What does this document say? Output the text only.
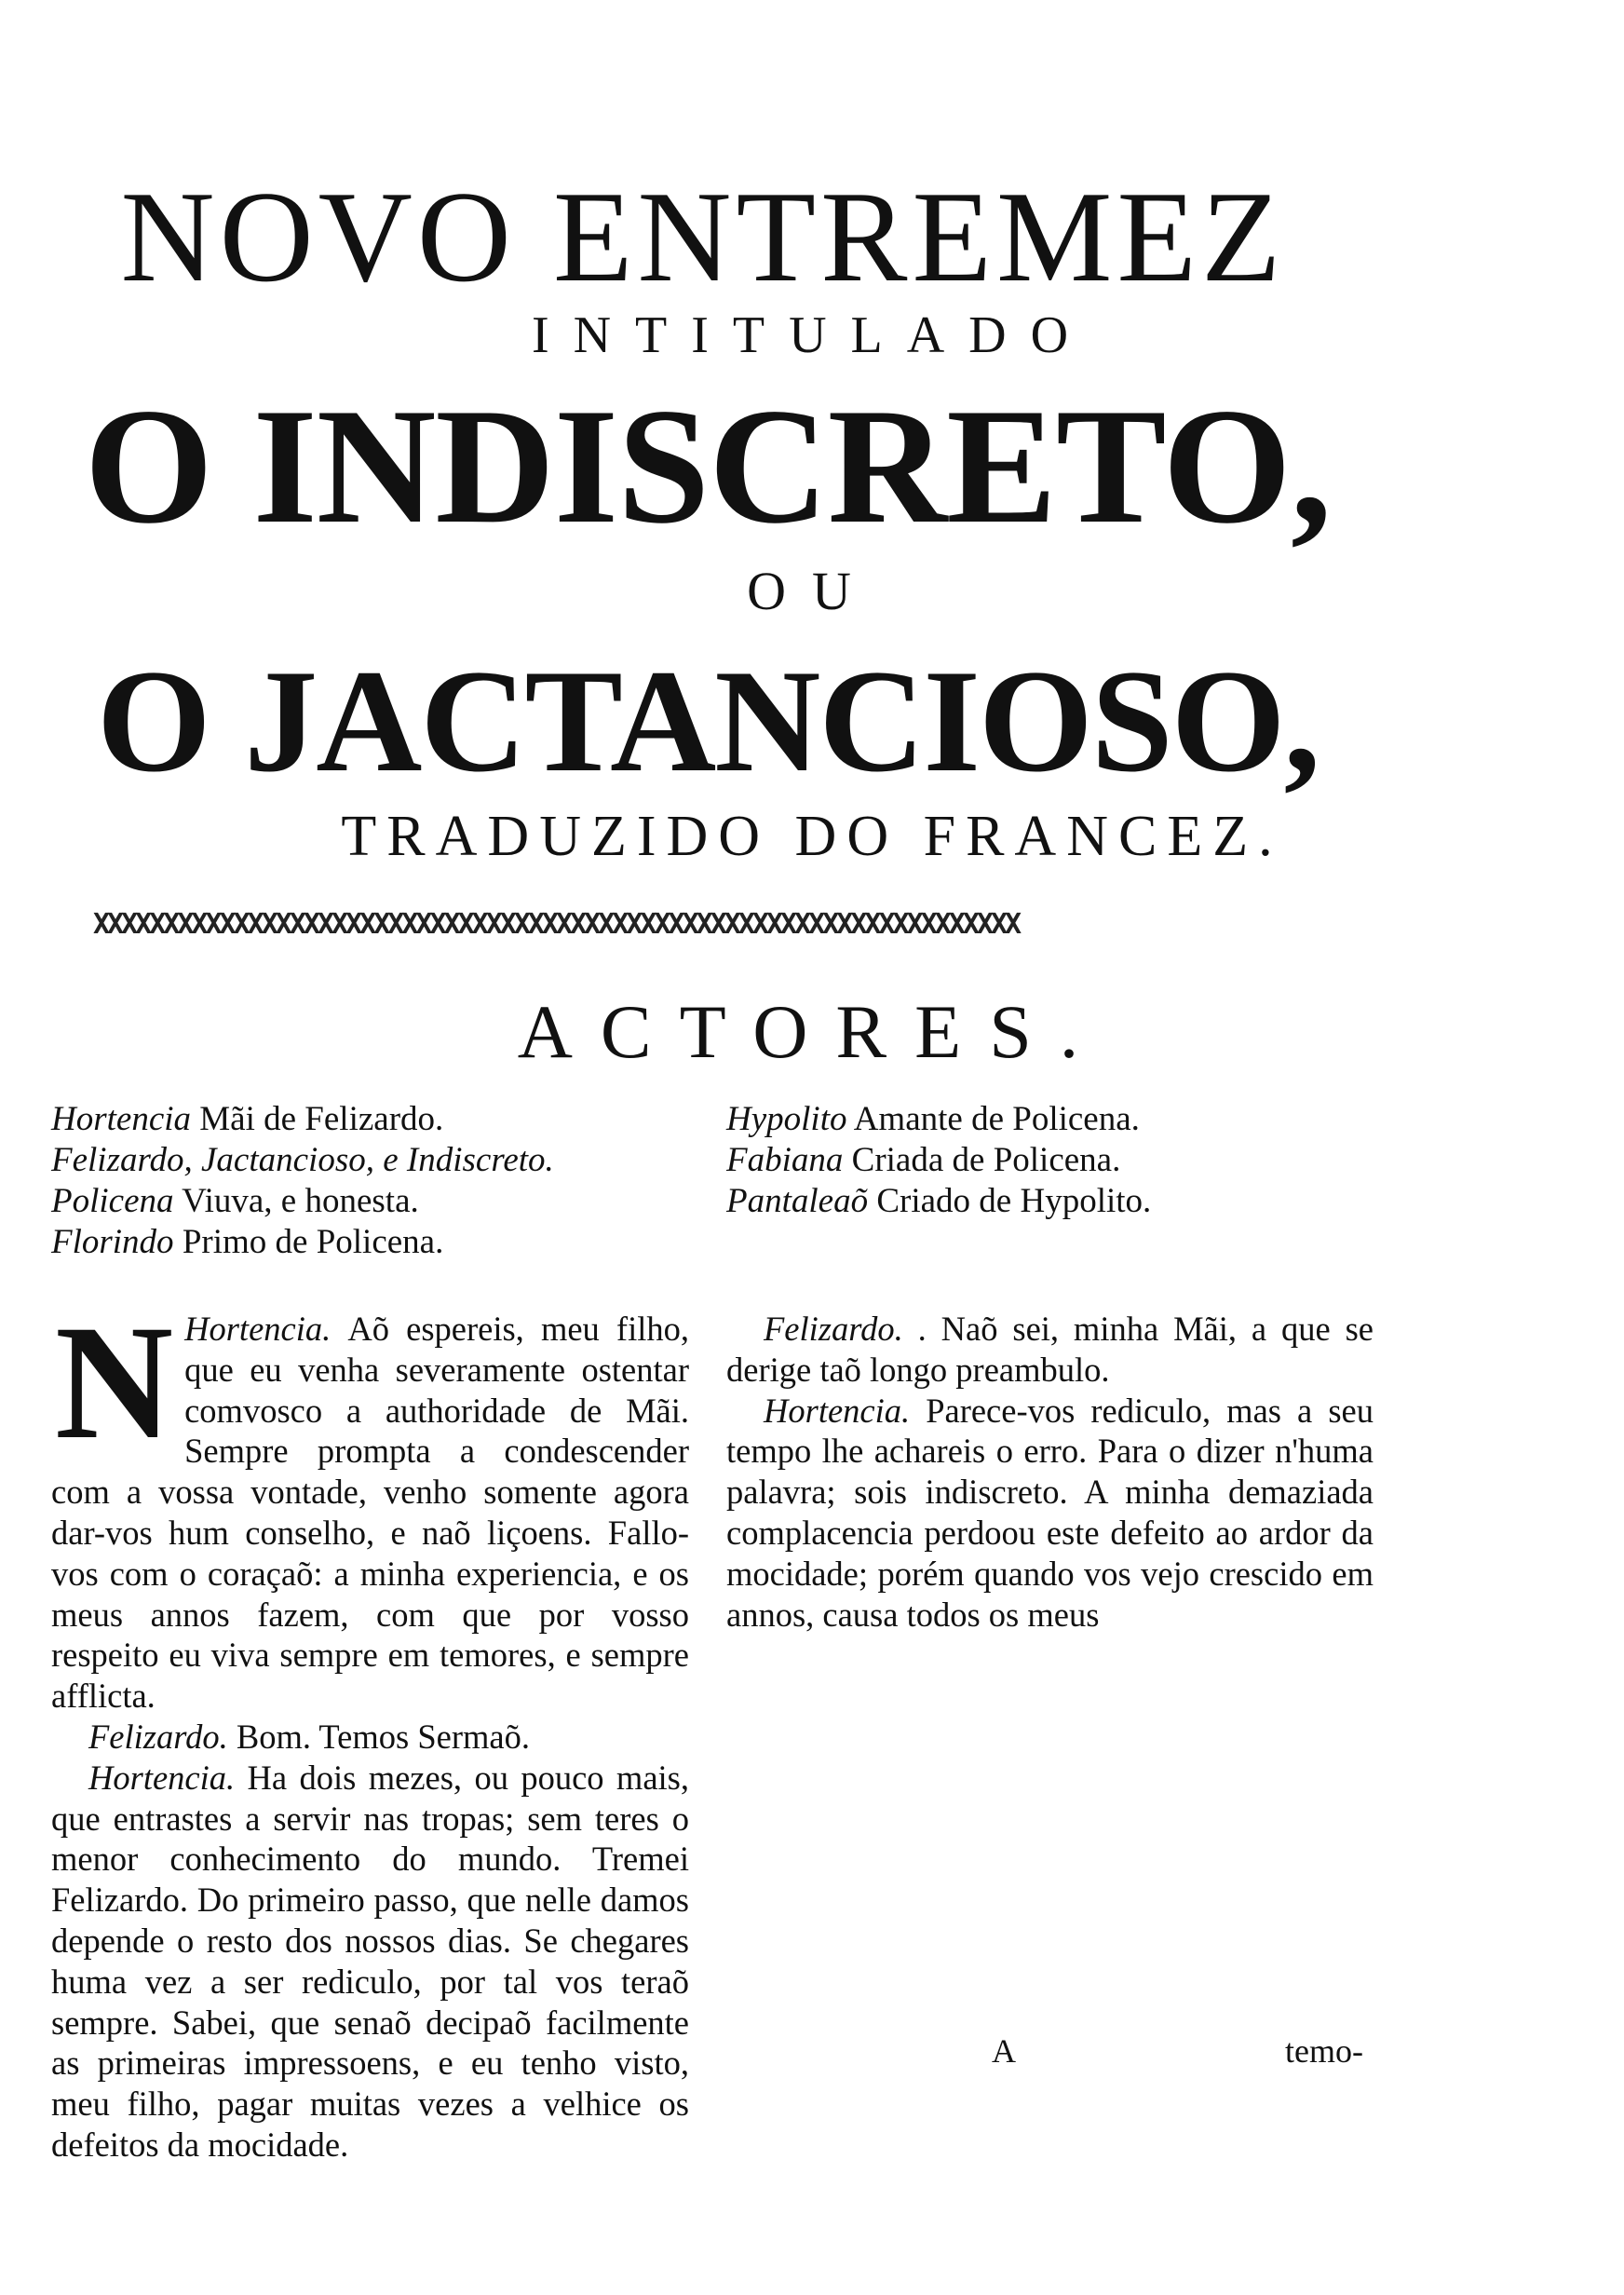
NOVO ENTREMEZ
INTITULADO
O INDISCRETO,
OU
O JACTANCIOSO,
TRADUZIDO DO FRANCEZ.
XXXXXXXXXXXXXXXXXXXXXXXXXXXXXXXXXXXXXXXXXXXXXXXXXXXXXXXXXXXXXXXXXX
ACTORES.
Hortencia Mãi de Felizardo.
Felizardo, Jactancioso, e Indiscreto.
Policena Viuva, e honesta.
Florindo Primo de Policena.
Hypolito Amante de Policena.
Fabiana Criada de Policena.
Pantaleaõ Criado de Hypolito.

Hortencia.
N	Aõ espereis, meu filho, que eu venha severamente ostentar comvosco a authoridade de Mãi. Sempre prompta a condescender com a vossa vontade, venho somente agora dar-vos hum conselho, e naõ liçoens. Fallo-vos com o coraçaõ: a minha experiencia, e os meus annos fazem, com que por vosso respeito eu viva sempre em temores, e sempre afflicta.

Felizardo. Bom. Temos Sermaõ.

Hortencia. Ha dois mezes, ou pouco mais, que entrastes a servir nas tropas; sem teres o menor conhecimento do mundo. Tremei Felizardo. Do primeiro passo, que nelle damos depende o resto dos nossos dias. Se chegares huma vez a ser rediculo, por tal vos teraõ sempre. Sabei, que senaõ decipaõ facilmente as primeiras impressoens, e eu tenho visto, meu filho, pagar muitas vezes a velhice os defeitos da mocidade.

Felizardo. . Naõ sei, minha Mãi, a que se derige taõ longo preambulo.

Hortencia. Parece-vos rediculo, mas a seu tempo lhe achareis o erro. Para o dizer n'huma palavra; sois indiscreto. A minha demaziada complacencia perdoou este defeito ao ardor da mocidade; porém quando vos vejo crescido em annos, causa todos os meus

A	temo-
